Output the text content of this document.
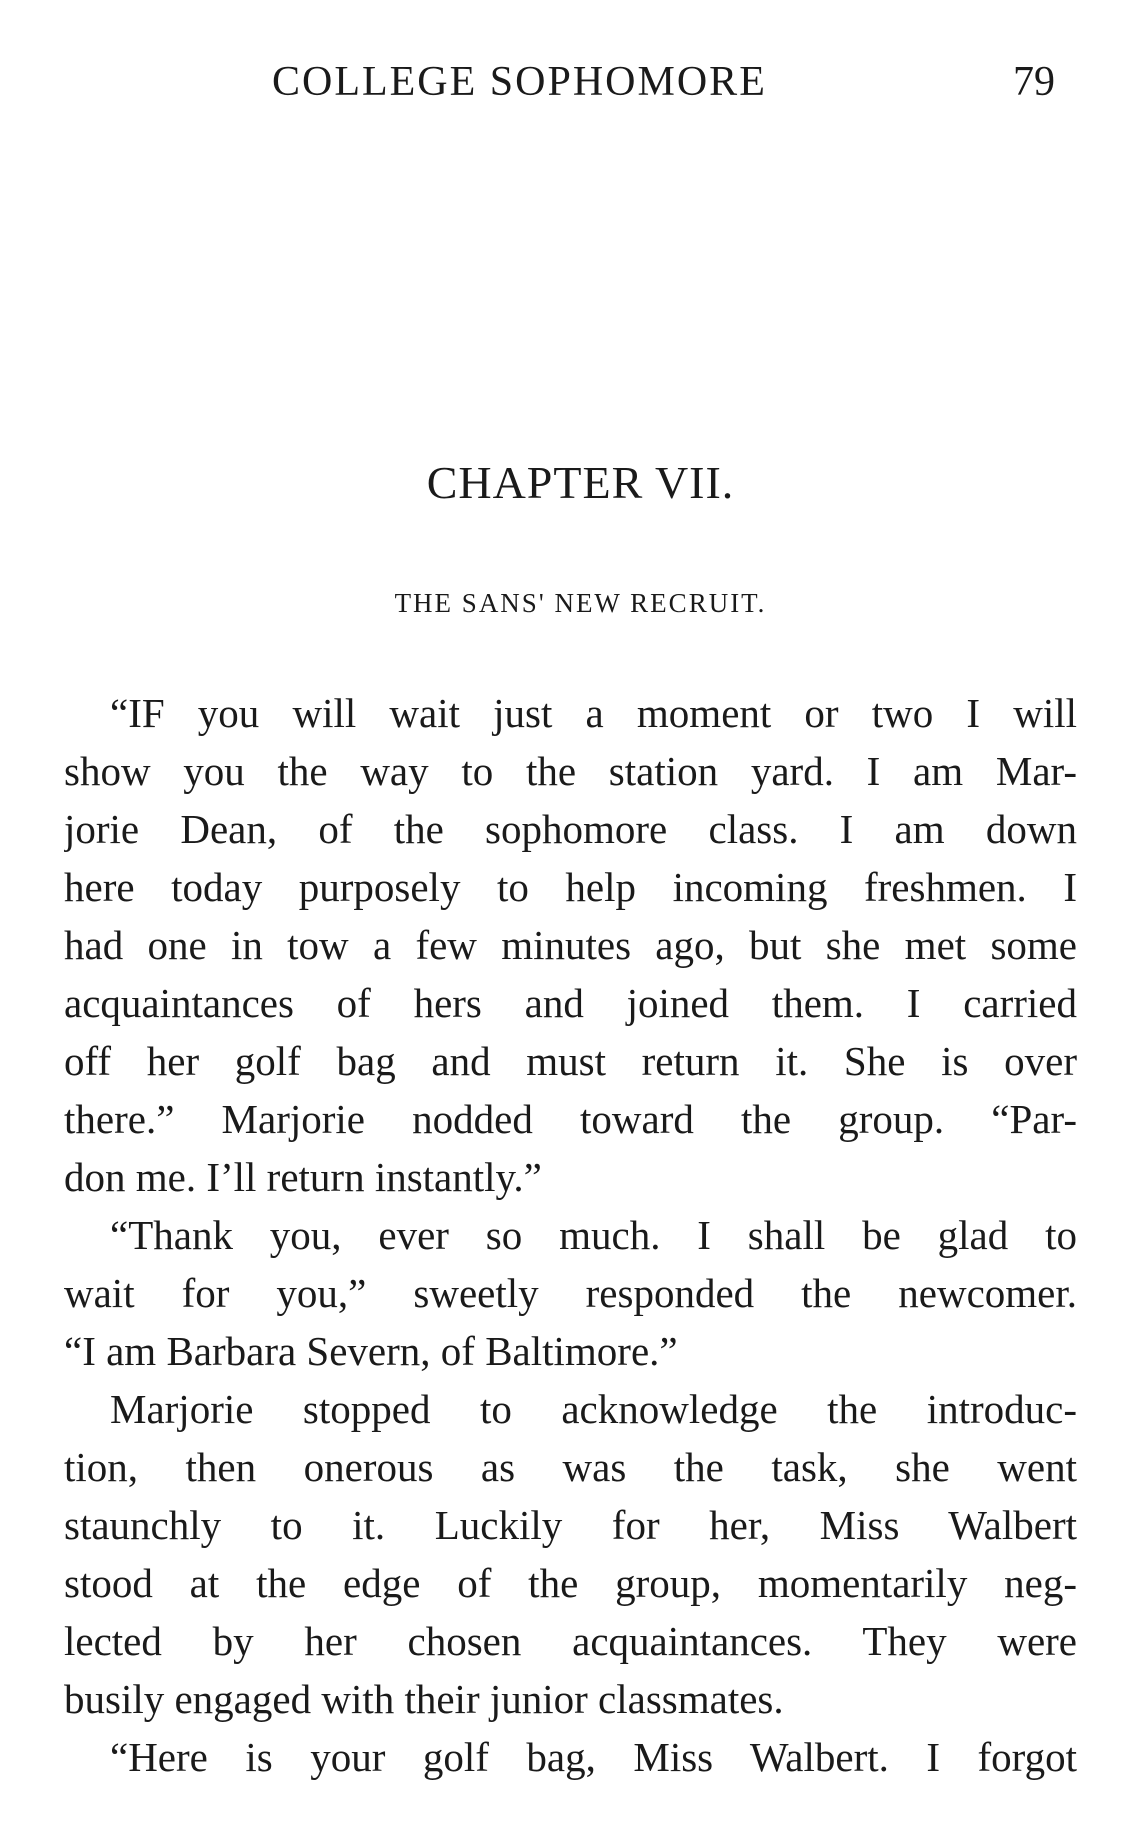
COLLEGE SOPHOMORE	79
CHAPTER VII.
THE SANS' NEW RECRUIT.
“IF you will wait just a moment or two I will
show you the way to the station yard. I am Mar-
jorie Dean, of the sophomore class. I am down
here today purposely to help incoming freshmen. I
had one in tow a few minutes ago, but she met some
acquaintances of hers and joined them. I carried
off her golf bag and must return it. She is over
there.” Marjorie nodded toward the group. “Par-
don me. I’ll return instantly.”
“Thank you, ever so much. I shall be glad to
wait for you,” sweetly responded the newcomer.
“I am Barbara Severn, of Baltimore.”
Marjorie stopped to acknowledge the introduc-
tion, then onerous as was the task, she went
staunchly to it. Luckily for her, Miss Walbert
stood at the edge of the group, momentarily neg-
lected by her chosen acquaintances. They were
busily engaged with their junior classmates.
“Here is your golf bag, Miss Walbert. I forgot
